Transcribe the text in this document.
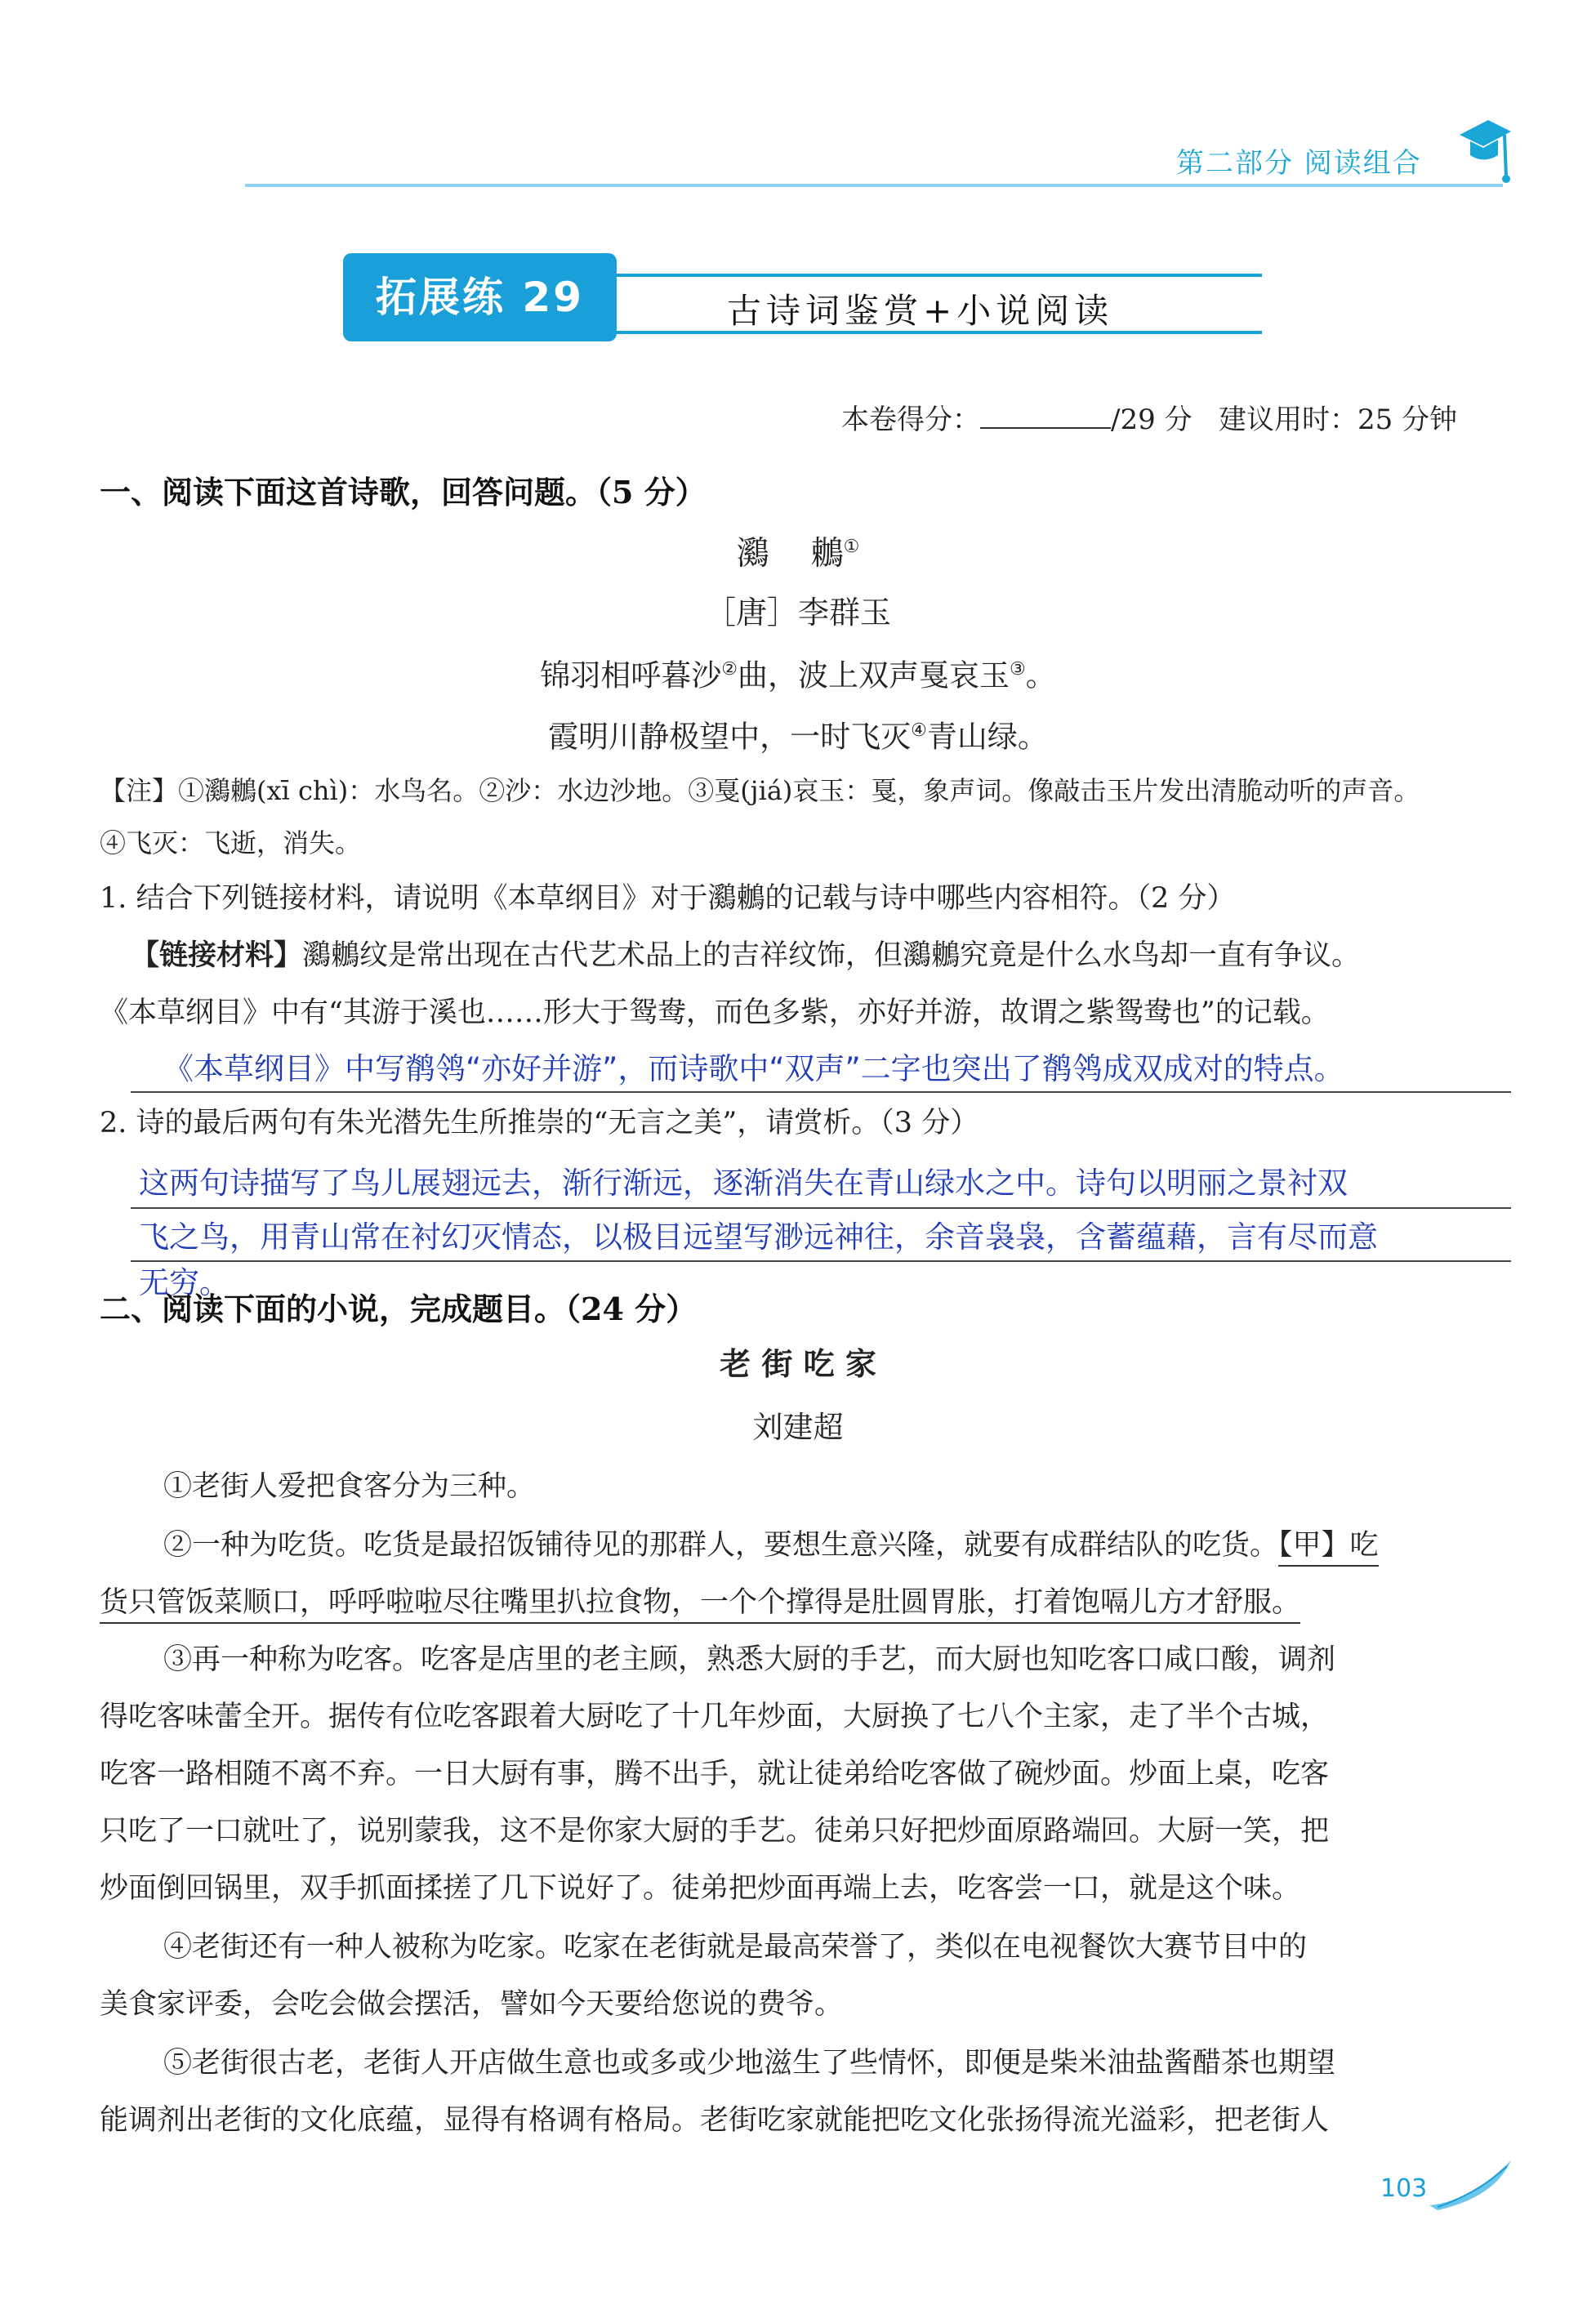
第二部分 阅读组合
拓展练 29	古诗词鉴赏+小说阅读
本卷得分：	/29 分 建议用时：25 分钟
一、阅读下面这首诗歌，回答问题。（5 分）
鸂 鶒①
［唐］李群玉
锦羽相呼暮沙②曲，波上双声戛哀玉③。
霞明川静极望中，一时飞灭④青山绿。
【注】①鸂鶒(xī chì)：水鸟名。②沙：水边沙地。③戛(jiá)哀玉：戛，象声词。像敲击玉片发出清脆动听的声音。
④飞灭：飞逝，消失。
1. 结合下列链接材料，请说明《本草纲目》对于鸂鶒的记载与诗中哪些内容相符。（2 分）
【链接材料】鸂鶒纹是常出现在古代艺术品上的吉祥纹饰，但鸂鶒究竟是什么水鸟却一直有争议。
《本草纲目》中有“其游于溪也……形大于鸳鸯，而色多紫，亦好并游，故谓之紫鸳鸯也”的记载。
《本草纲目》中写鹡鸰“亦好并游”，而诗歌中“双声”二字也突出了鹡鸰成双成对的特点。
2. 诗的最后两句有朱光潜先生所推崇的“无言之美”，请赏析。（3 分）
这两句诗描写了鸟儿展翅远去，渐行渐远，逐渐消失在青山绿水之中。诗句以明丽之景衬双
飞之鸟，用青山常在衬幻灭情态，以极目远望写渺远神往，余音袅袅，含蓄蕴藉，言有尽而意
无穷。
二、阅读下面的小说，完成题目。（24 分）
老 街 吃 家
刘建超
①老街人爱把食客分为三种。
②一种为吃货。吃货是最招饭铺待见的那群人，要想生意兴隆，就要有成群结队的吃货。【甲】吃
货只管饭菜顺口，呼呼啦啦尽往嘴里扒拉食物，一个个撑得是肚圆胃胀，打着饱嗝儿方才舒服。
③再一种称为吃客。吃客是店里的老主顾，熟悉大厨的手艺，而大厨也知吃客口咸口酸，调剂
得吃客味蕾全开。据传有位吃客跟着大厨吃了十几年炒面，大厨换了七八个主家，走了半个古城，
吃客一路相随不离不弃。一日大厨有事，腾不出手，就让徒弟给吃客做了碗炒面。炒面上桌，吃客
只吃了一口就吐了，说别蒙我，这不是你家大厨的手艺。徒弟只好把炒面原路端回。大厨一笑，把
炒面倒回锅里，双手抓面揉搓了几下说好了。徒弟把炒面再端上去，吃客尝一口，就是这个味。
④老街还有一种人被称为吃家。吃家在老街就是最高荣誉了，类似在电视餐饮大赛节目中的
美食家评委，会吃会做会摆活，譬如今天要给您说的费爷。
⑤老街很古老，老街人开店做生意也或多或少地滋生了些情怀，即便是柴米油盐酱醋茶也期望
能调剂出老街的文化底蕴，显得有格调有格局。老街吃家就能把吃文化张扬得流光溢彩，把老街人
103
